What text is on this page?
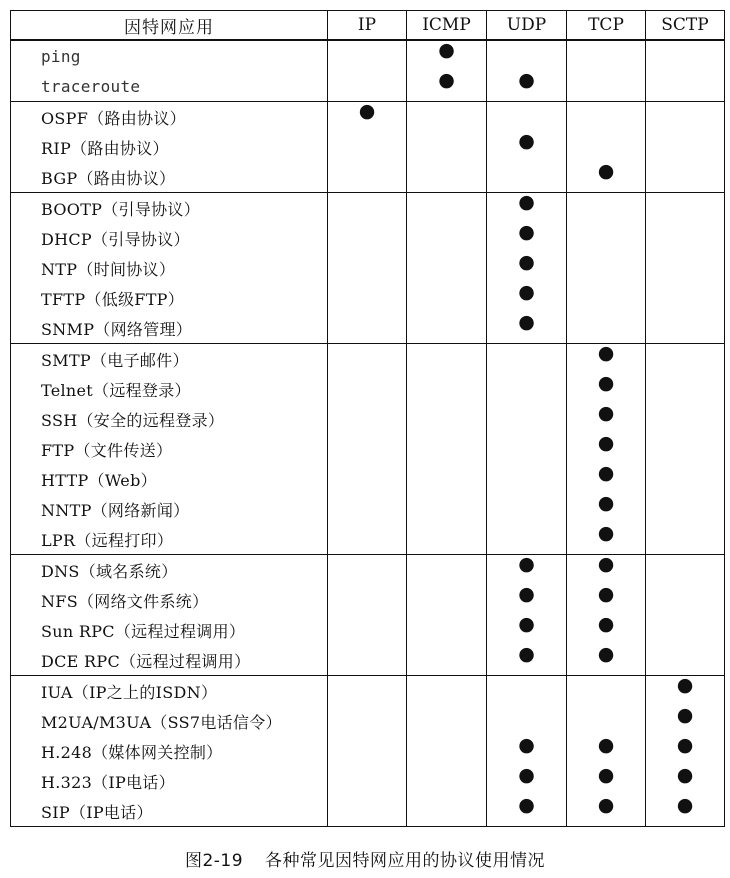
因特网应用	IP	ICMP	UDP	TCP	SCTP
ping		●			
traceroute		●	●		
OSPF（路由协议）	●				
RIP（路由协议）			●		
BGP（路由协议）				●	
BOOTP（引导协议）			●		
DHCP（引导协议）			●		
NTP（时间协议）			●		
TFTP（低级FTP）			●		
SNMP（网络管理）			●		
SMTP（电子邮件）				●	
Telnet（远程登录）				●	
SSH（安全的远程登录）				●	
FTP（文件传送）				●	
HTTP（Web）				●	
NNTP（网络新闻）				●	
LPR（远程打印）				●	
DNS（域名系统）			●	●	
NFS（网络文件系统）			●	●	
Sun RPC（远程过程调用）			●	●	
DCE RPC（远程过程调用）			●	●	
IUA（IP之上的ISDN）					●
M2UA/M3UA（SS7电话信令）					●
H.248（媒体网关控制）			●	●	●
H.323（IP电话）			●	●	●
SIP（IP电话）			●	●	●
图2-19 各种常见因特网应用的协议使用情况
